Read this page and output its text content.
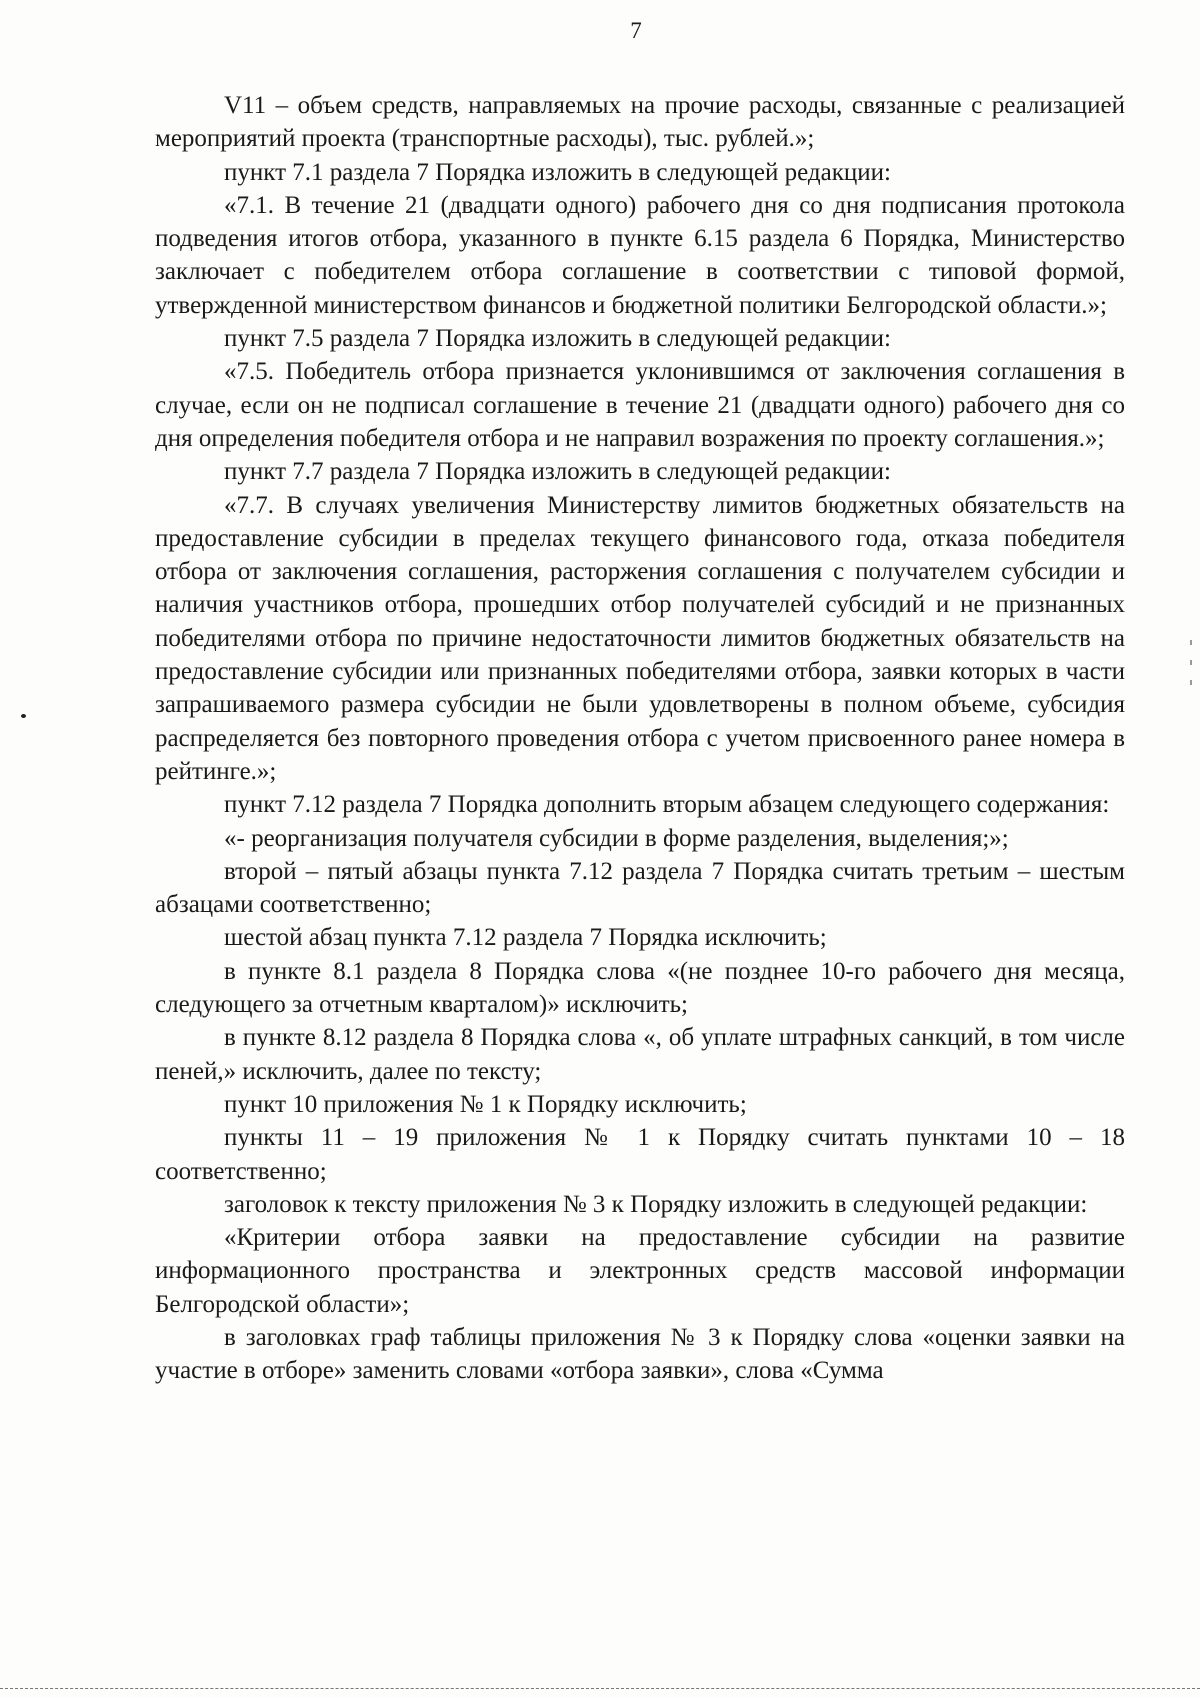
7

V11 – объем средств, направляемых на прочие расходы, связанные с реализацией мероприятий проекта (транспортные расходы), тыс. рублей.»;

пункт 7.1 раздела 7 Порядка изложить в следующей редакции:

«7.1. В течение 21 (двадцати одного) рабочего дня со дня подписания протокола подведения итогов отбора, указанного в пункте 6.15 раздела 6 Порядка, Министерство заключает с победителем отбора соглашение в соответствии с типовой формой, утвержденной министерством финансов и бюджетной политики Белгородской области.»;

пункт 7.5 раздела 7 Порядка изложить в следующей редакции:

«7.5. Победитель отбора признается уклонившимся от заключения соглашения в случае, если он не подписал соглашение в течение 21 (двадцати одного) рабочего дня со дня определения победителя отбора и не направил возражения по проекту соглашения.»;

пункт 7.7 раздела 7 Порядка изложить в следующей редакции:

«7.7. В случаях увеличения Министерству лимитов бюджетных обязательств на предоставление субсидии в пределах текущего финансового года, отказа победителя отбора от заключения соглашения, расторжения соглашения с получателем субсидии и наличия участников отбора, прошедших отбор получателей субсидий и не признанных победителями отбора по причине недостаточности лимитов бюджетных обязательств на предоставление субсидии или признанных победителями отбора, заявки которых в части запрашиваемого размера субсидии не были удовлетворены в полном объеме, субсидия распределяется без повторного проведения отбора с учетом присвоенного ранее номера в рейтинге.»;

пункт 7.12 раздела 7 Порядка дополнить вторым абзацем следующего содержания:

«- реорганизация получателя субсидии в форме разделения, выделения;»;

второй – пятый абзацы пункта 7.12 раздела 7 Порядка считать третьим – шестым абзацами соответственно;

шестой абзац пункта 7.12 раздела 7 Порядка исключить;

в пункте 8.1 раздела 8 Порядка слова «(не позднее 10-го рабочего дня месяца, следующего за отчетным кварталом)» исключить;

в пункте 8.12 раздела 8 Порядка слова «, об уплате штрафных санкций, в том числе пеней,» исключить, далее по тексту;

пункт 10 приложения № 1 к Порядку исключить;

пункты 11 – 19 приложения № 1 к Порядку считать пунктами 10 – 18 соответственно;

заголовок к тексту приложения № 3 к Порядку изложить в следующей редакции:

«Критерии отбора заявки на предоставление субсидии на развитие информационного пространства и электронных средств массовой информации Белгородской области»;

в заголовках граф таблицы приложения № 3 к Порядку слова «оценки заявки на участие в отборе» заменить словами «отбора заявки», слова «Сумма
